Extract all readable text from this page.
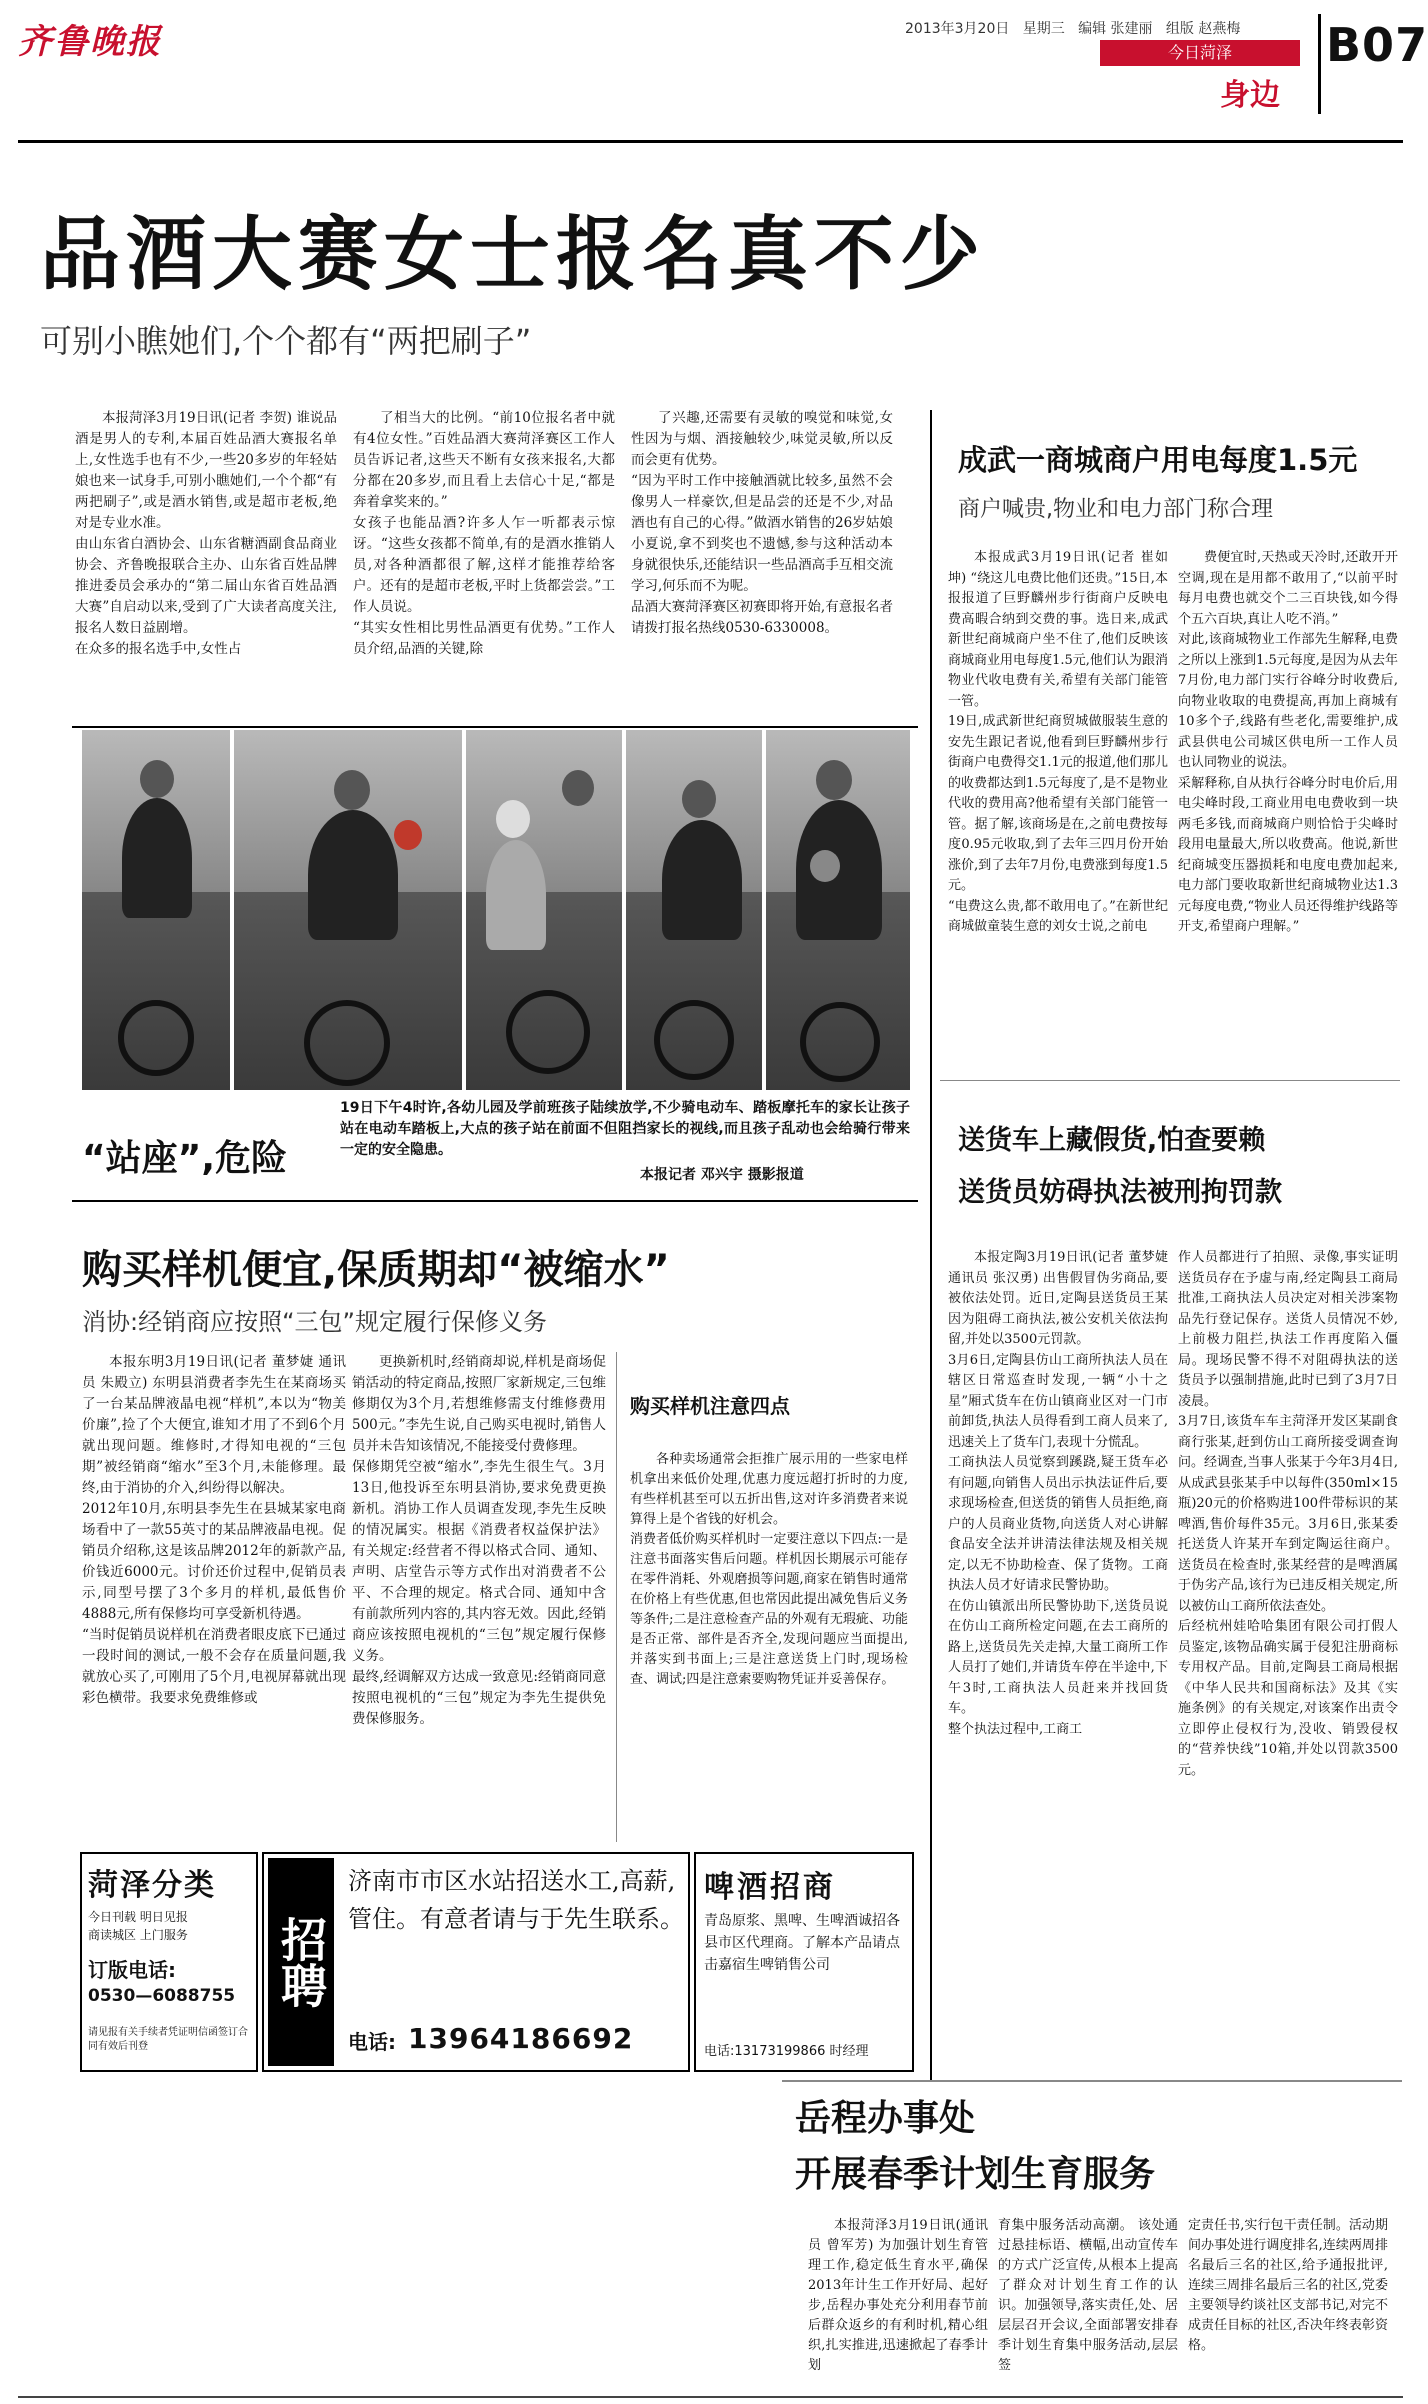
齐鲁晚报	2013年3月20日 星期三 编辑 张建丽 组版 赵燕梅
今日菏泽
身边
B07
品酒大赛女士报名真不少
可别小瞧她们,个个都有“两把刷子”
本报菏泽3月19日讯(记者 李贺) 谁说品酒是男人的专利,本届百姓品酒大赛报名单上,女性选手也有不少,一些20多岁的年轻姑娘也来一试身手,可别小瞧她们,一个个都“有两把刷子”,或是酒水销售,或是超市老板,绝对是专业水准。
由山东省白酒协会、山东省糖酒副食品商业协会、齐鲁晚报联合主办、山东省百姓品牌推进委员会承办的“第二届山东省百姓品酒大赛”自启动以来,受到了广大读者高度关注,报名人数日益剧增。
在众多的报名选手中,女性占
了相当大的比例。“前10位报名者中就有4位女性。”百姓品酒大赛菏泽赛区工作人员告诉记者,这些天不断有女孩来报名,大都分都在20多岁,而且看上去信心十足,“都是奔着拿奖来的。”
女孩子也能品酒?许多人乍一听都表示惊讶。“这些女孩都不简单,有的是酒水推销人员,对各种酒都很了解,这样才能推荐给客户。还有的是超市老板,平时上货都尝尝。”工作人员说。
“其实女性相比男性品酒更有优势。”工作人员介绍,品酒的关键,除
了兴趣,还需要有灵敏的嗅觉和味觉,女性因为与烟、酒接触较少,味觉灵敏,所以反而会更有优势。
“因为平时工作中接触酒就比较多,虽然不会像男人一样豪饮,但是品尝的还是不少,对品酒也有自己的心得。”做酒水销售的26岁姑娘小夏说,拿不到奖也不遗憾,参与这种活动本身就很快乐,还能结识一些品酒高手互相交流学习,何乐而不为呢。
品酒大赛菏泽赛区初赛即将开始,有意报名者请拨打报名热线0530-6330008。
“站座”,危险
19日下午4时许,各幼儿园及学前班孩子陆续放学,不少骑电动车、踏板摩托车的家长让孩子站在电动车踏板上,大点的孩子站在前面不但阻挡家长的视线,而且孩子乱动也会给骑行带来一定的安全隐患。
本报记者 邓兴宇 摄影报道
购买样机便宜,保质期却“被缩水”
消协:经销商应按照“三包”规定履行保修义务
本报东明3月19日讯(记者 董梦婕 通讯员 朱殿立) 东明县消费者李先生在某商场买了一台某品牌液晶电视“样机”,本以为“物美价廉”,捡了个大便宜,谁知才用了不到6个月就出现问题。维修时,才得知电视的“三包期”被经销商“缩水”至3个月,未能修理。最终,由于消协的介入,纠纷得以解决。
2012年10月,东明县李先生在县城某家电商场看中了一款55英寸的某品牌液晶电视。促销员介绍称,这是该品牌2012年的新款产品,价钱近6000元。讨价还价过程中,促销员表示,同型号摆了3个多月的样机,最低售价4888元,所有保修均可享受新机待遇。
“当时促销员说样机在消费者眼皮底下已通过一段时间的测试,一般不会存在质量问题,我就放心买了,可刚用了5个月,电视屏幕就出现彩色横带。我要求免费维修或
更换新机时,经销商却说,样机是商场促销活动的特定商品,按照厂家新规定,三包维修期仅为3个月,若想维修需支付维修费用500元。”李先生说,自己购买电视时,销售人员并未告知该情况,不能接受付费修理。
保修期凭空被“缩水”,李先生很生气。3月13日,他投诉至东明县消协,要求免费更换新机。消协工作人员调查发现,李先生反映的情况属实。根据《消费者权益保护法》有关规定:经营者不得以格式合同、通知、声明、店堂告示等方式作出对消费者不公平、不合理的规定。格式合同、通知中含有前款所列内容的,其内容无效。因此,经销商应该按照电视机的“三包”规定履行保修义务。
最终,经调解双方达成一致意见:经销商同意按照电视机的“三包”规定为李先生提供免费保修服务。
购买样机注意四点
各种卖场通常会拒推广展示用的一些家电样机拿出来低价处理,优惠力度远超打折时的力度,有些样机甚至可以五折出售,这对许多消费者来说算得上是个省钱的好机会。
消费者低价购买样机时一定要注意以下四点:一是注意书面落实售后问题。样机因长期展示可能存在零件消耗、外观磨损等问题,商家在销售时通常在价格上有些优惠,但也常因此提出减免售后义务等条件;二是注意检查产品的外观有无瑕疵、功能是否正常、部件是否齐全,发现问题应当面提出,并落实到书面上;三是注意送货上门时,现场检查、调试;四是注意索要购物凭证并妥善保存。
菏泽分类
今日刊载 明日见报
商读城区 上门服务
订版电话:
0530—6088755
请见报有关手续者凭证明信函签订合同有效后刊登
招聘
济南市市区水站招送水工,高薪,管住。有意者请与于先生联系。
电话: 13964186692
啤酒招商
青岛原浆、黑啤、生啤酒诚招各县市区代理商。了解本产品请点击嘉宿生啤销售公司
电话:13173199866 时经理
岳程办事处
开展春季计划生育服务
本报菏泽3月19日讯(通讯员 曾军芳) 为加强计划生育管理工作,稳定低生育水平,确保2013年计生工作开好局、起好步,岳程办事处充分利用春节前后群众返乡的有利时机,精心组织,扎实推进,迅速掀起了春季计划
育集中服务活动高潮。 该处通过悬挂标语、横幅,出动宣传车的方式广泛宣传,从根本上提高了群众对计划生育工作的认识。加强领导,落实责任,处、居层层召开会议,全面部署安排春季计划生育集中服务活动,层层签
定责任书,实行包干责任制。活动期间办事处进行调度排名,连续两周排名最后三名的社区,给予通报批评,连续三周排名最后三名的社区,党委主要领导约谈社区支部书记,对完不成责任目标的社区,否决年终表彰资格。
成武一商城商户用电每度1.5元
商户喊贵,物业和电力部门称合理
本报成武3月19日讯(记者 崔如坤) “绕这儿电费比他们还贵。”15日,本报报道了巨野麟州步行街商户反映电费高暇合纳到交费的事。选日来,成武新世纪商城商户坐不住了,他们反映该商城商业用电每度1.5元,他们认为跟消物业代收电费有关,希望有关部门能管一管。
19日,成武新世纪商贸城做服装生意的安先生跟记者说,他看到巨野麟州步行街商户电费得交1.1元的报道,他们那儿的收费都达到1.5元每度了,是不是物业代收的费用高?他希望有关部门能管一管。据了解,该商场是在,之前电费按每度0.95元收取,到了去年三四月份开始涨价,到了去年7月份,电费涨到每度1.5元。
“电费这么贵,都不敢用电了。”在新世纪商城做童装生意的刘女士说,之前电
费便宜时,天热或天冷时,还敢开开空调,现在是用都不敢用了,“以前平时每月电费也就交个二三百块钱,如今得个五六百块,真让人吃不消。”
对此,该商城物业工作部先生解释,电费之所以上涨到1.5元每度,是因为从去年7月份,电力部门实行谷峰分时收费后,向物业收取的电费提高,再加上商城有10多个子,线路有些老化,需要维护,成武县供电公司城区供电所一工作人员也认同物业的说法。
采解释称,自从执行谷峰分时电价后,用电尖峰时段,工商业用电电费收到一块两毛多钱,而商城商户则恰恰于尖峰时段用电量最大,所以收费高。他说,新世纪商城变压器损耗和电度电费加起来,电力部门要收取新世纪商城物业达1.3元每度电费,“物业人员还得维护线路等开支,希望商户理解。”
送货车上藏假货,怕查要赖
送货员妨碍执法被刑拘罚款
本报定陶3月19日讯(记者 董梦婕 通讯员 张汉勇) 出售假冒伪劣商品,要被依法处罚。近日,定陶县送货员王某因为阻碍工商执法,被公安机关依法拘留,并处以3500元罚款。
3月6日,定陶县仿山工商所执法人员在辖区日常巡查时发现,一辆“小十之星”厢式货车在仿山镇商业区对一门市前卸货,执法人员得看到工商人员来了,迅速关上了货车门,表现十分慌乱。
工商执法人员觉察到蹊跷,疑王货车必有问题,向销售人员出示执法证件后,要求现场检查,但送货的销售人员拒绝,商户的人员商业货物,向送货人对心讲解食品安全法并讲清法律法规及相关规定,以无不协助检查、保了货物。工商执法人员才好请求民警协助。
在仿山镇派出所民警协助下,送货员说在仿山工商所检定问题,在去工商所的路上,送货员先关走掉,大量工商所工作人员打了她们,并请货车停在半途中,下午3时,工商执法人员赶来并找回货车。
整个执法过程中,工商工
作人员都进行了拍照、录像,事实证明送货员存在予虚与南,经定陶县工商局批准,工商执法人员决定对相关涉案物品先行登记保存。送货人员情况不妙,上前极力阻拦,执法工作再度陷入僵局。现场民警不得不对阻碍执法的送货员予以强制措施,此时已到了3月7日凌晨。
3月7日,该货车车主菏泽开发区某副食商行张某,赶到仿山工商所接受调查询问。经调查,当事人张某于今年3月4日,从成武县张某手中以每件(350ml×15瓶)20元的价格购进100件带标识的某啤酒,售价每件35元。3月6日,张某委托送货人许某开车到定陶运往商户。送货员在检查时,张某经营的是啤酒属于伪劣产品,该行为已违反相关规定,所以被仿山工商所依法查处。
后经杭州娃哈哈集团有限公司打假人员鉴定,该物品确实属于侵犯注册商标专用权产品。目前,定陶县工商局根据《中华人民共和国商标法》及其《实施条例》的有关规定,对该案作出责令立即停止侵权行为,没收、销毁侵权的“营养快线”10箱,并处以罚款3500元。
